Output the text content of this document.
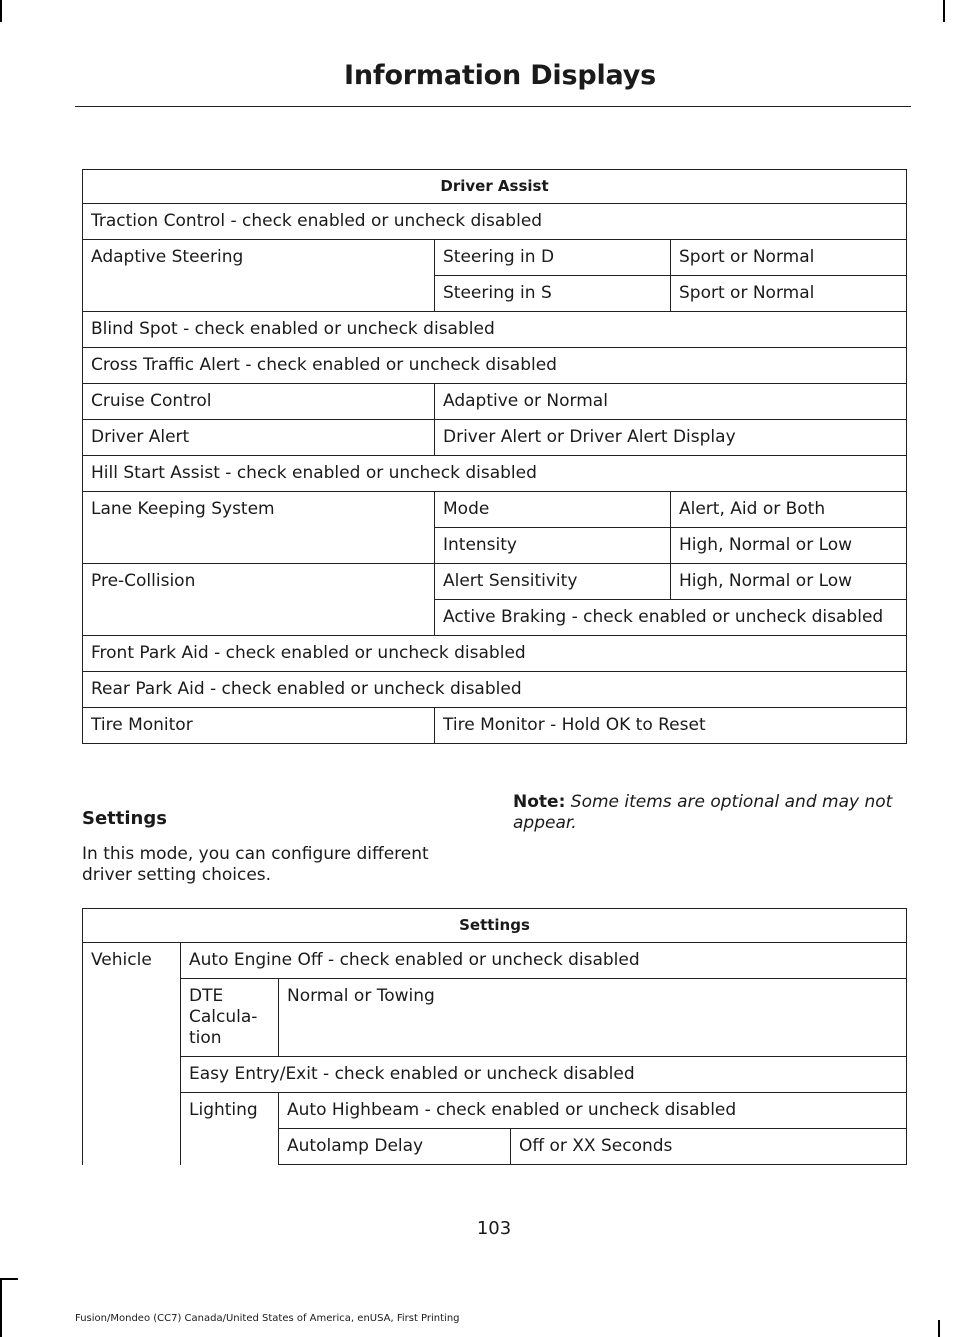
Information Displays
Driver Assist		
Traction Control - check enabled or uncheck disabled		
Adaptive Steering	Steering in D	Sport or Normal
	Steering in S	Sport or Normal
Blind Spot - check enabled or uncheck disabled		
Cross Traffic Alert - check enabled or uncheck disabled		
Cruise Control	Adaptive or Normal	
Driver Alert	Driver Alert or Driver Alert Display	
Hill Start Assist - check enabled or uncheck disabled		
Lane Keeping System	Mode	Alert, Aid or Both
	Intensity	High, Normal or Low
Pre-Collision	Alert Sensitivity	High, Normal or Low
	Active Braking - check enabled or uncheck disabled	
Front Park Aid - check enabled or uncheck disabled		
Rear Park Aid - check enabled or uncheck disabled		
Tire Monitor	Tire Monitor - Hold OK to Reset	
Settings
In this mode, you can configure different driver setting choices.
Note: Some items are optional and may not appear.
Settings			
Vehicle	Auto Engine Off - check enabled or uncheck disabled		
	DTE Calcula-tion	Normal or Towing	
	Easy Entry/Exit - check enabled or uncheck disabled		
	Lighting	Auto Highbeam - check enabled or uncheck disabled	
		Autolamp Delay	Off or XX Seconds
103
Fusion/Mondeo (CC7) Canada/United States of America, enUSA, First Printing
